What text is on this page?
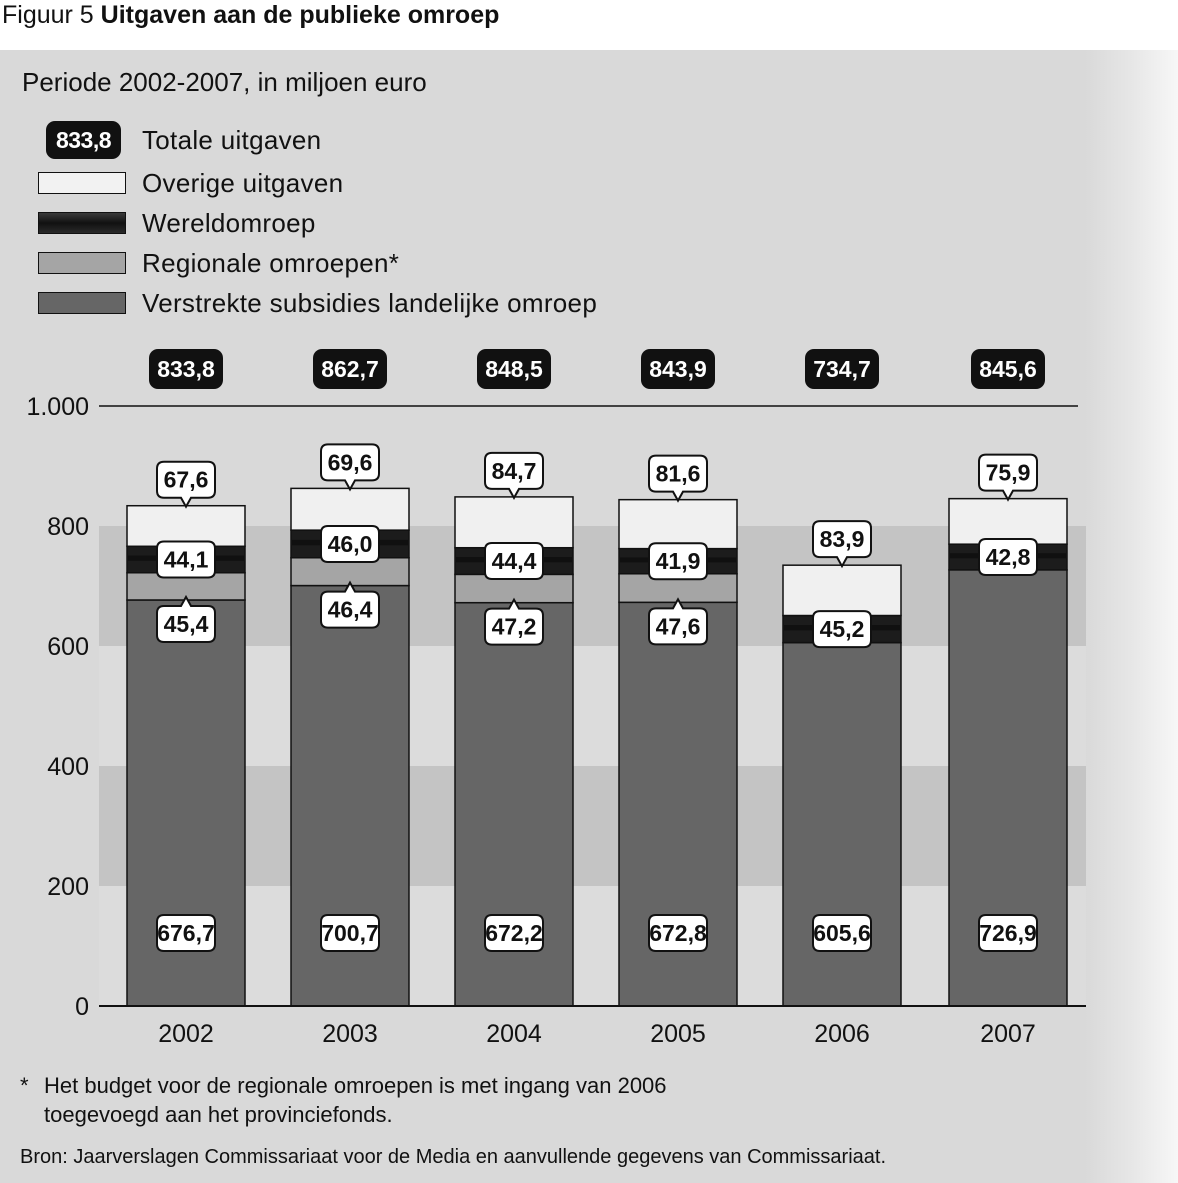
Figuur 5 Uitgaven aan de publieke omroep
Periode 2002-2007, in miljoen euro
833,8	Totale uitgaven
Overige uitgaven
Wereldomroep
Regionale omroepen*
Verstrekte subsidies landelijke omroep
0
200
400
600
800
1.000
2002
833,8
676,7
45,4
44,1
67,6
2003
862,7
700,7
46,4
46,0
69,6
2004
848,5
672,2
47,2
44,4
84,7
2005
843,9
672,8
47,6
41,9
81,6
2006
734,7
605,6
45,2
83,9
2007
845,6
726,9
42,8
75,9
* Het budget voor de regionale omroepen is met ingang van 2006 toegevoegd aan het provinciefonds.
Bron: Jaarverslagen Commissariaat voor de Media en aanvullende gegevens van Commissariaat.
